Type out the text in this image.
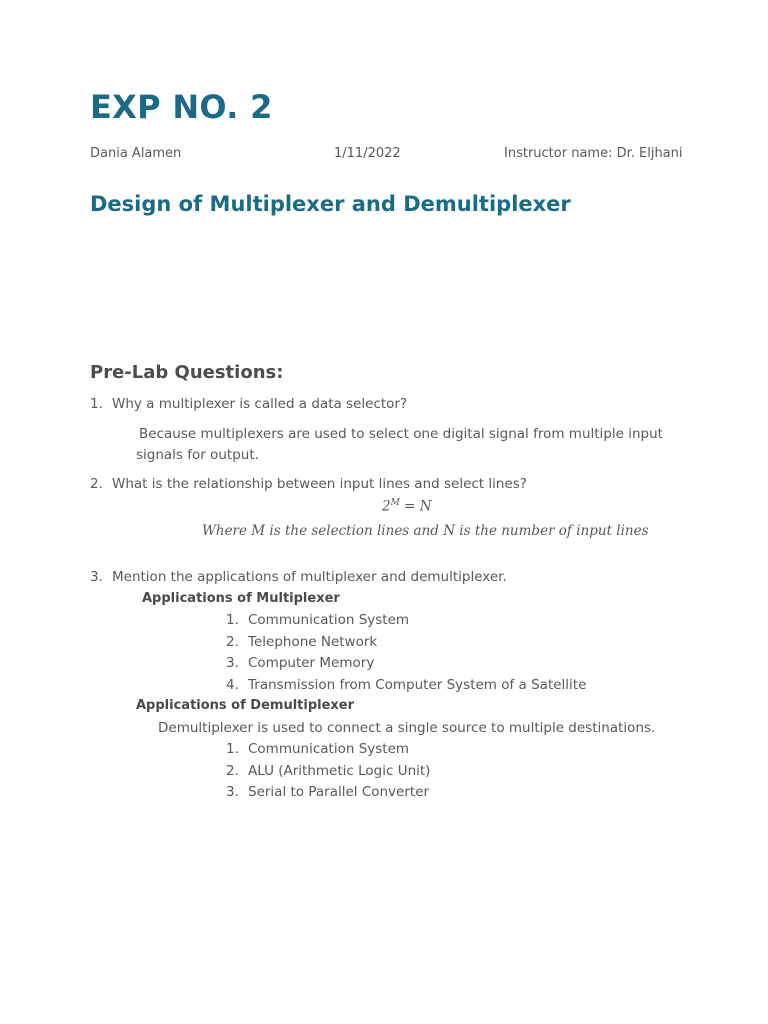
EXP NO. 2
Dania Alamen	1/11/2022	Instructor name: Dr. Eljhani
Design of Multiplexer and Demultiplexer
Pre-Lab Questions:
1. Why a multiplexer is called a data selector?
Because multiplexers are used to select one digital signal from multiple input signals for output.
2. What is the relationship between input lines and select lines?
$2^M = N$
Where M is the selection lines and N is the number of input lines
3. Mention the applications of multiplexer and demultiplexer.
Applications of Multiplexer
1. Communication System
2. Telephone Network
3. Computer Memory
4. Transmission from Computer System of a Satellite
Applications of Demultiplexer
Demultiplexer is used to connect a single source to multiple destinations.
1. Communication System
2. ALU (Arithmetic Logic Unit)
3. Serial to Parallel Converter
